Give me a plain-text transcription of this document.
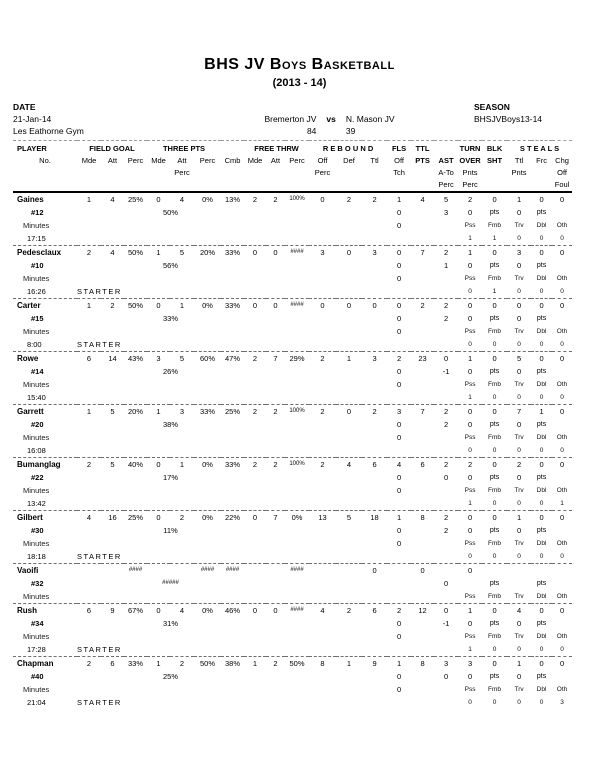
BHS JV Boys Basketball
(2013 - 14)
DATE
21-Jan-14
Les Eathorne Gym
Bremerton JV vs N. Mason JV
84	39
SEASON
BHSJVBoys13-14
PLAYER	FIELD GOAL			THREE PTS				FREE THRW			R E B O U N D			FLS	TTL		TURN	BLK	S T E A L S		
No.	Mde	Att	Perc	Mde	Att	Perc	Cmb	Mde	Att	Perc	Off	Def	Ttl	Off	PTS	AST	OVER	SHT	Ttl	Frc	Chg
					Perc						Perc			Tch		A-To	Pnts		Pnts		Off
																Perc	Perc				Foul
Gaines	1	4	25%	0	4	0%	13%	2	2	100%	0	2	2	1	4	5	2	0	1	0	0
#12				50%										0		3	0	pts	0	pts	
Minutes														0			Pss	Fmb	Trv	Dbl	Oth
17:15																	1	1	0	0	0
Pedesclaux	2	4	50%	1	5	20%	33%	0	0	####	3	0	3	0	7	2	1	0	3	0	0
#10				56%										0		1	0	pts	0	pts	
Minutes														0			Pss	Fmb	Trv	Dbl	Oth
16:26	STARTER																0	1	0	0	0
Carter	1	2	50%	0	1	0%	33%	0	0	####	0	0	0	0	2	2	0	0	0	0	0
#15				33%										0		2	0	pts	0	pts	
Minutes														0			Pss	Fmb	Trv	Dbl	Oth
8:00	STARTER																0	0	0	0	0
Rowe	6	14	43%	3	5	60%	47%	2	7	29%	2	1	3	2	23	0	1	0	5	0	0
#14				26%										0		-1	0	pts	0	pts	
Minutes														0			Pss	Fmb	Trv	Dbl	Oth
15:40																	1	0	0	0	0
Garrett	1	5	20%	1	3	33%	25%	2	2	100%	2	0	2	3	7	2	0	0	7	1	0
#20				38%										0		2	0	pts	0	pts	
Minutes														0			Pss	Fmb	Trv	Dbl	Oth
16:08																	0	0	0	0	0
Bumanglag	2	5	40%	0	1	0%	33%	2	2	100%	2	4	6	4	6	2	2	0	2	0	0
#22				17%										0		0	0	pts	0	pts	
Minutes														0			Pss	Fmb	Trv	Dbl	Oth
13:42																	1	0	0	0	1
Gilbert	4	16	25%	0	2	0%	22%	0	7	0%	13	5	18	1	8	2	0	0	1	0	0
#30				11%										0		2	0	pts	0	pts	
Minutes														0			Pss	Fmb	Trv	Dbl	Oth
18:18	STARTER																0	0	0	0	0
Vaoifi			####			####	####			####			0		0		0				
#32				#####												0		pts		pts	
Minutes																	Pss	Fmb	Trv	Dbl	Oth
Rush	6	9	67%	0	4	0%	46%	0	0	####	4	2	6	2	12	0	1	0	4	0	0
#34				31%										0		-1	0	pts	0	pts	
Minutes														0			Pss	Fmb	Trv	Dbl	Oth
17:28	STARTER																1	0	0	0	0
Chapman	2	6	33%	1	2	50%	38%	1	2	50%	8	1	9	1	8	3	3	0	1	0	0
#40				25%										0		0	0	pts	0	pts	
Minutes														0			Pss	Fmb	Trv	Dbl	Oth
21:04	STARTER																0	0	0	0	3
